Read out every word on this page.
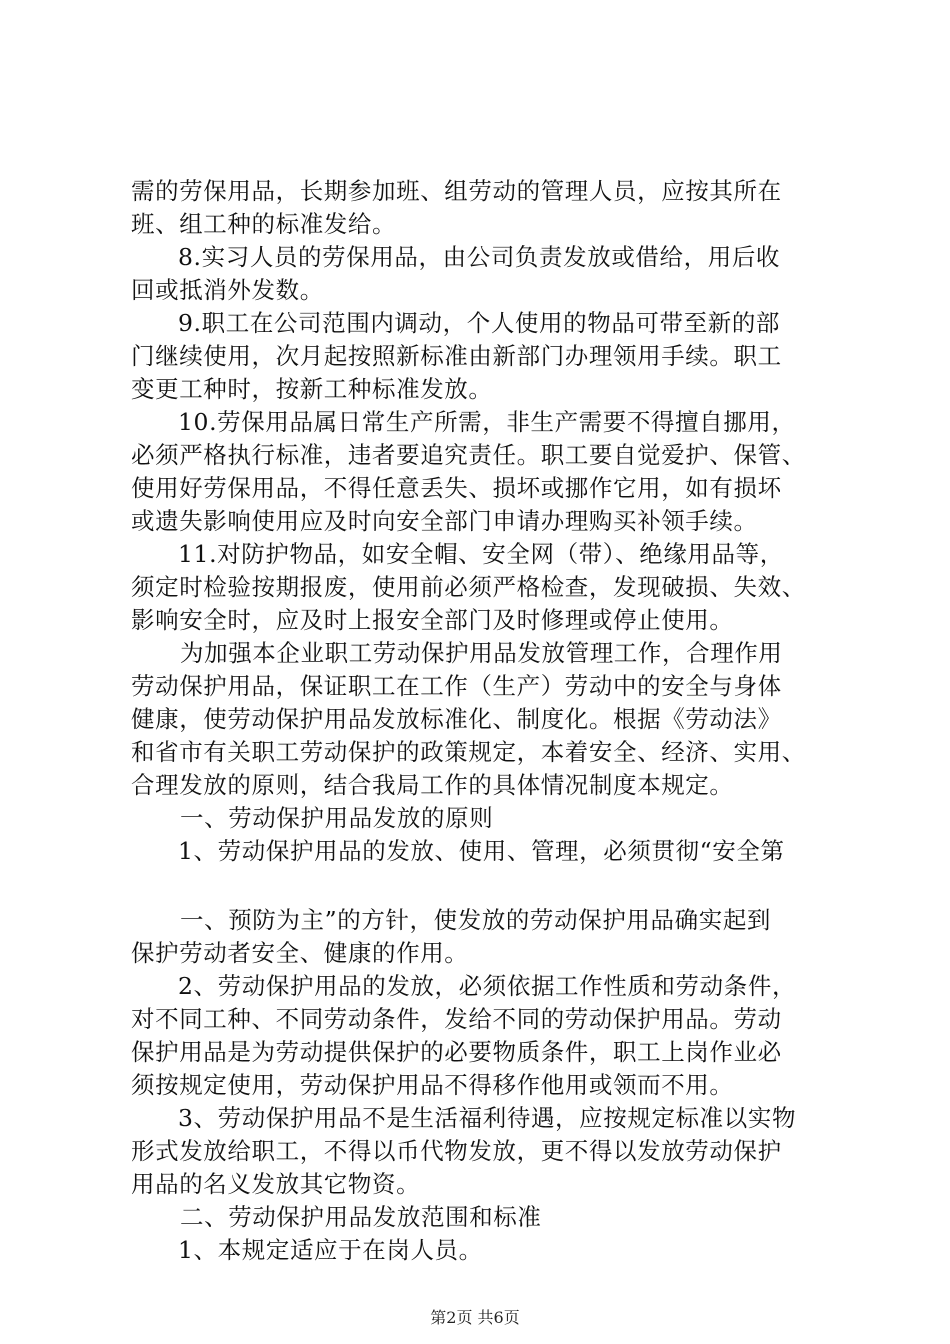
需的劳保用品，长期参加班、组劳动的管理人员，应按其所在
班、组工种的标准发给。
8.实习人员的劳保用品，由公司负责发放或借给，用后收
回或抵消外发数。
9.职工在公司范围内调动，个人使用的物品可带至新的部
门继续使用，次月起按照新标准由新部门办理领用手续。职工
变更工种时，按新工种标准发放。
10.劳保用品属日常生产所需，非生产需要不得擅自挪用，
必须严格执行标准，违者要追究责任。职工要自觉爱护、保管、
使用好劳保用品，不得任意丢失、损坏或挪作它用，如有损坏
或遗失影响使用应及时向安全部门申请办理购买补领手续。
11.对防护物品，如安全帽、安全网（带）、绝缘用品等，
须定时检验按期报废，使用前必须严格检查，发现破损、失效、
影响安全时，应及时上报安全部门及时修理或停止使用。
为加强本企业职工劳动保护用品发放管理工作，合理作用
劳动保护用品，保证职工在工作（生产）劳动中的安全与身体
健康，使劳动保护用品发放标准化、制度化。根据《劳动法》
和省市有关职工劳动保护的政策规定，本着安全、经济、实用、
合理发放的原则，结合我局工作的具体情况制度本规定。
一、劳动保护用品发放的原则
1、劳动保护用品的发放、使用、管理，必须贯彻“安全第
一、预防为主”的方针，使发放的劳动保护用品确实起到
保护劳动者安全、健康的作用。
2、劳动保护用品的发放，必须依据工作性质和劳动条件，
对不同工种、不同劳动条件，发给不同的劳动保护用品。劳动
保护用品是为劳动提供保护的必要物质条件，职工上岗作业必
须按规定使用，劳动保护用品不得移作他用或领而不用。
3、劳动保护用品不是生活福利待遇，应按规定标准以实物
形式发放给职工，不得以币代物发放，更不得以发放劳动保护
用品的名义发放其它物资。
二、劳动保护用品发放范围和标准
1、本规定适应于在岗人员。
第2页 共6页
